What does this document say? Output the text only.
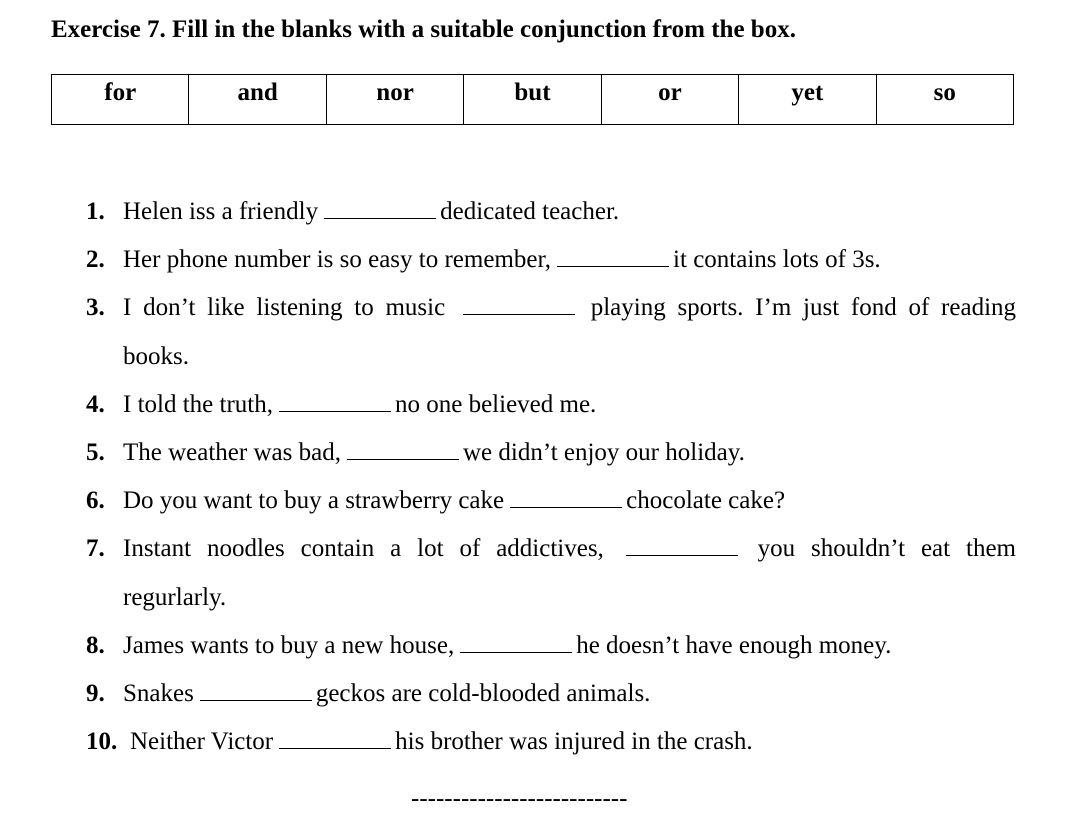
Exercise 7. Fill in the blanks with a suitable conjunction from the box.
for	and	nor	but	or	yet	so
1. Helen iss a friendly	dedicated teacher.
2. Her phone number is so easy to remember,	it contains lots of 3s.
3. I don’t like listening to music	playing sports. I’m just fond of reading
books.
4. I told the truth,	no one believed me.
5. The weather was bad,	we didn’t enjoy our holiday.
6. Do you want to buy a strawberry cake	chocolate cake?
7. Instant noodles contain a lot of addictives,	you shouldn’t eat them
regurlarly.
8. James wants to buy a new house,	he doesn’t have enough money.
9. Snakes	geckos are cold-blooded animals.
10. Neither Victor	his brother was injured in the crash.
--------------------------
